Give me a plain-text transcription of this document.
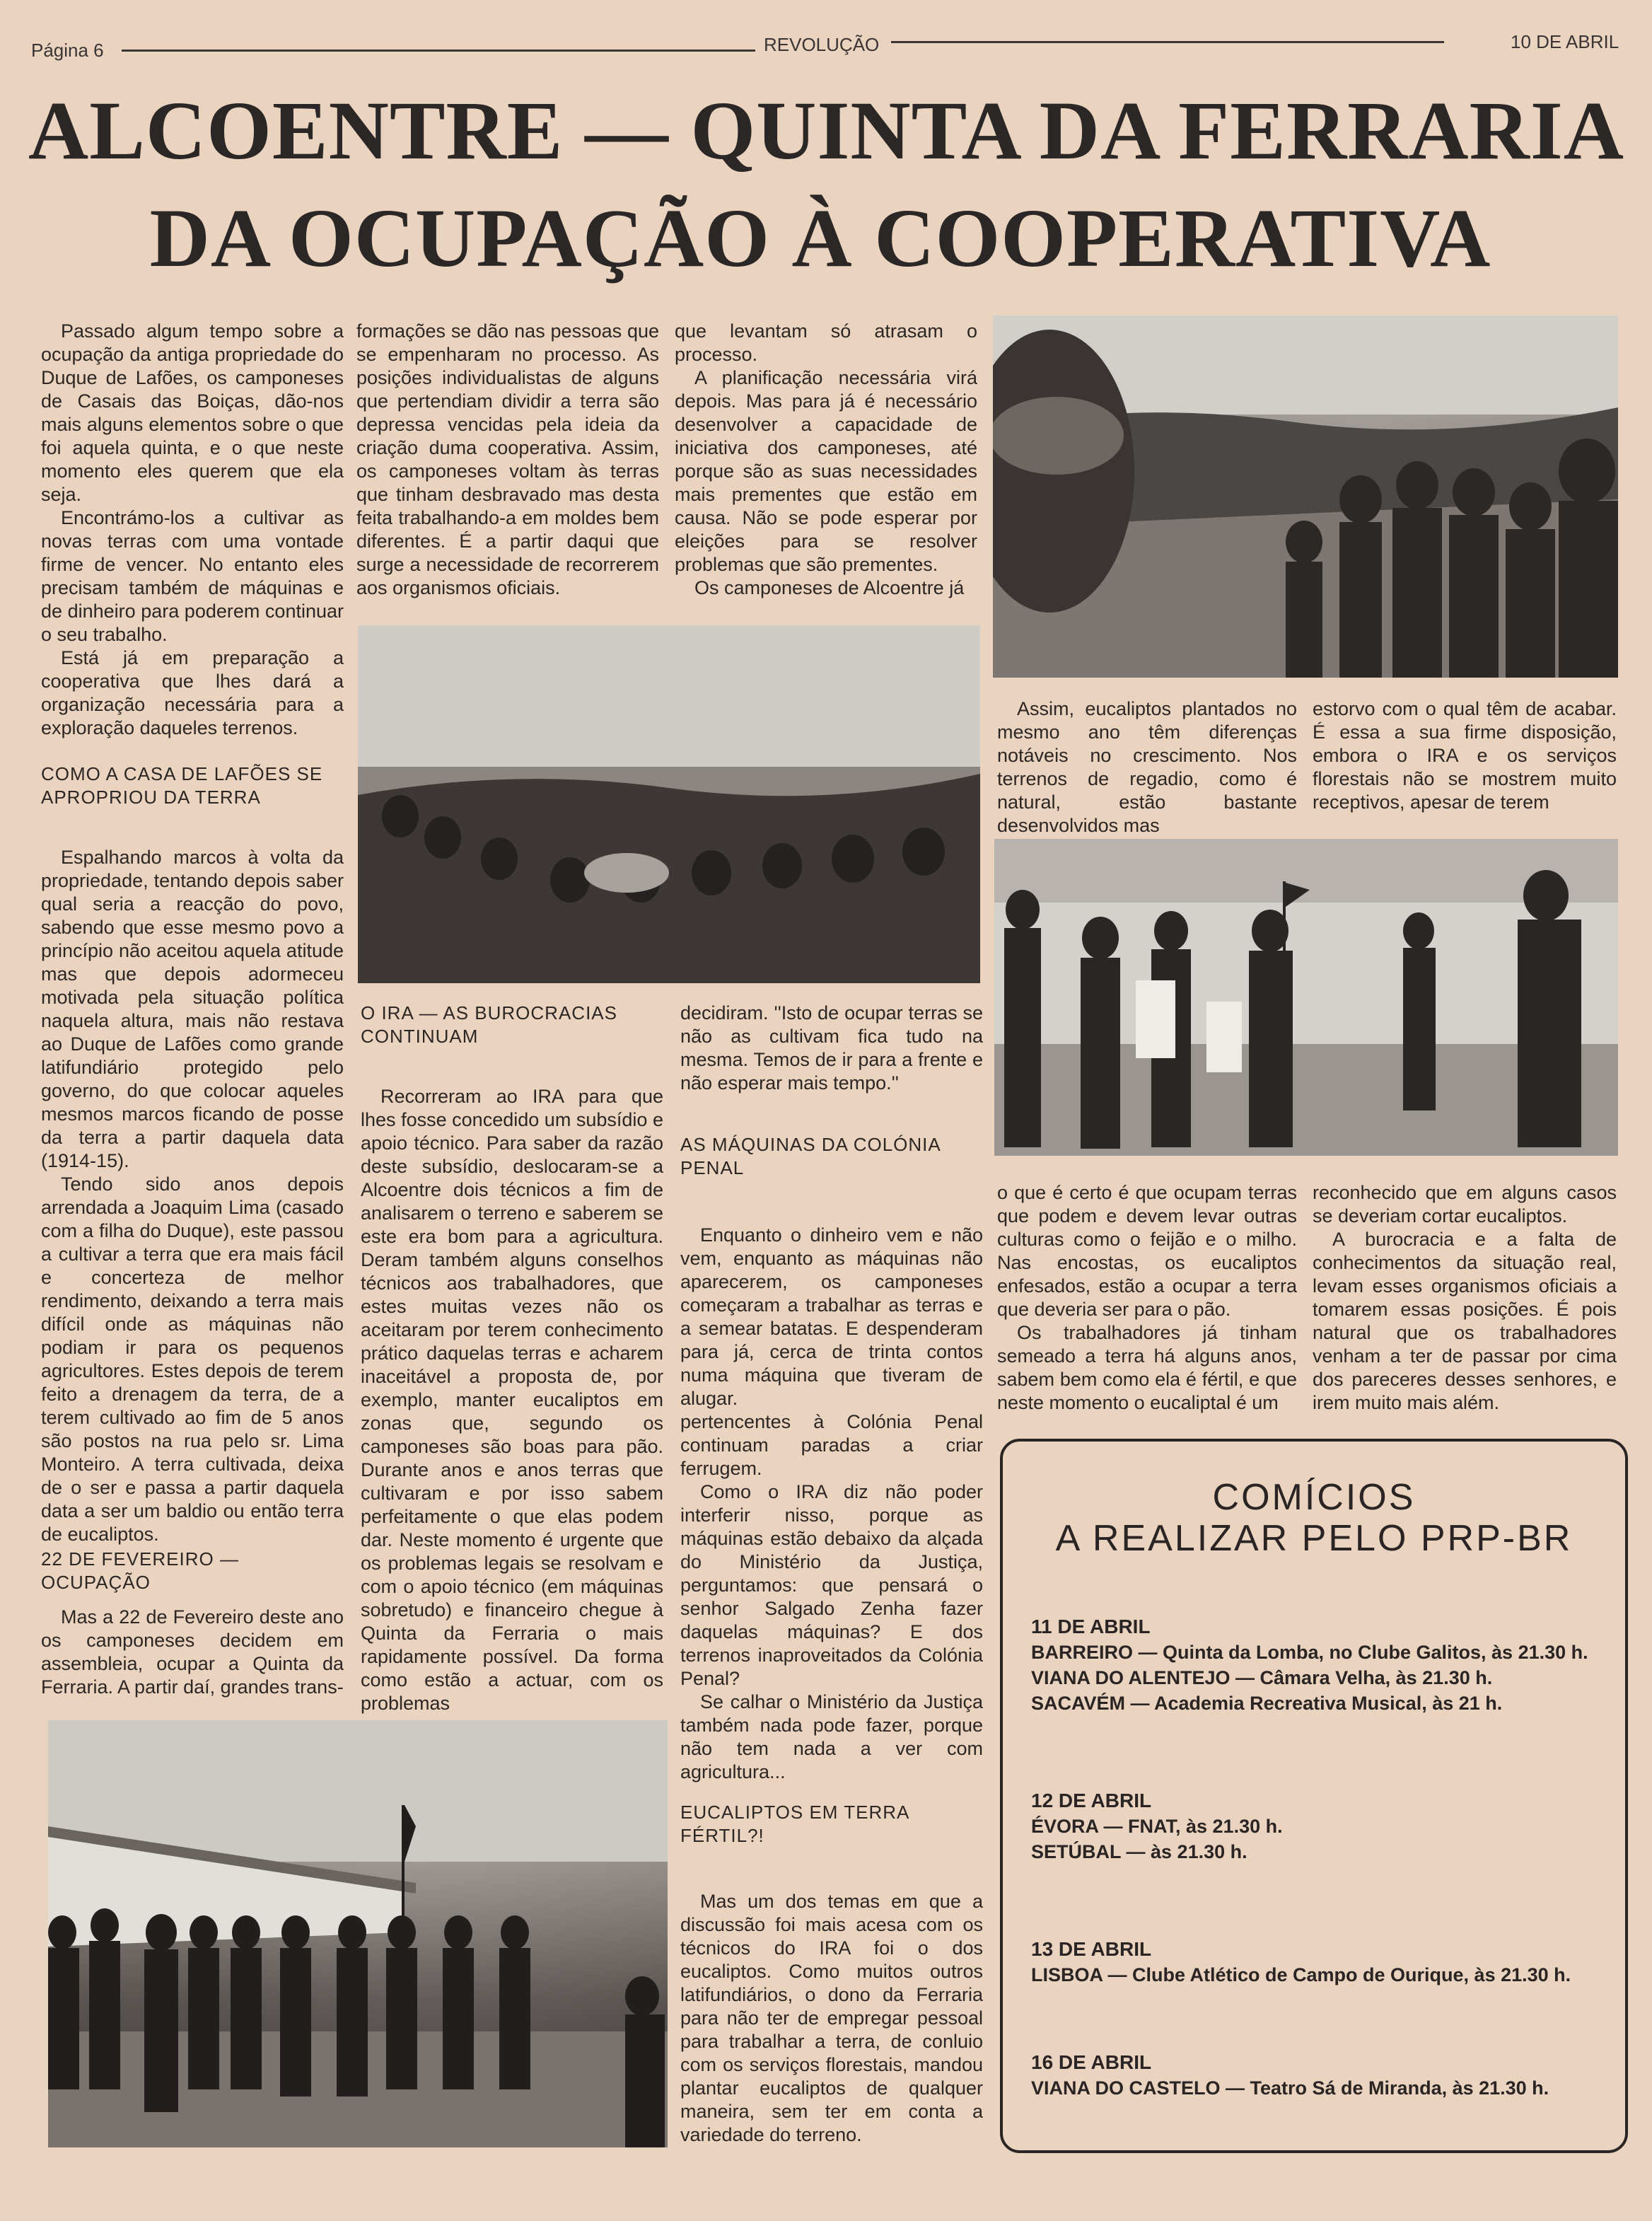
Página 6	REVOLUÇÃO	10 DE ABRIL
ALCOENTRE — QUINTA DA FERRARIA
DA OCUPAÇÃO À COOPERATIVA

Passado algum tempo sobre a ocupação da antiga propriedade do Duque de Lafões, os camponeses de Casais das Boiças, dão-nos mais alguns elementos sobre o que foi aquela quinta, e o que neste momento eles querem que ela seja.

Encontrámo-los a cultivar as novas terras com uma vontade firme de vencer. No entanto eles precisam também de máquinas e de dinheiro para poderem continuar o seu trabalho.

Está já em preparação a cooperativa que lhes dará a organização necessária para a exploração daqueles terrenos.

COMO A CASA DE LAFÕES SE APROPRIOU DA TERRA

Espalhando marcos à volta da propriedade, tentando depois saber qual seria a reacção do povo, sabendo que esse mesmo povo a princípio não aceitou aquela atitude mas que depois adormeceu motivada pela situação política naquela altura, mais não restava ao Duque de Lafões como grande latifundiário protegido pelo governo, do que colocar aqueles mesmos marcos ficando de posse da terra a partir daquela data (1914-15).

Tendo sido anos depois arrendada a Joaquim Lima (casado com a filha do Duque), este passou a cultivar a terra que era mais fácil e concerteza de melhor rendimento, deixando a terra mais difícil onde as máquinas não podiam ir para os pequenos agricultores. Estes depois de terem feito a drenagem da terra, de a terem cultivado ao fim de 5 anos são postos na rua pelo sr. Lima Monteiro. A terra cultivada, deixa de o ser e passa a partir daquela data a ser um baldio ou então terra de eucaliptos.

22 DE FEVEREIRO — OCUPAÇÃO

Mas a 22 de Fevereiro deste ano os camponeses decidem em assembleia, ocupar a Quinta da Ferraria. A partir daí, grandes trans-

formações se dão nas pessoas que se empenharam no processo. As posições individualistas de alguns que pertendiam dividir a terra são depressa vencidas pela ideia da criação duma cooperativa. Assim, os camponeses voltam às terras que tinham desbravado mas desta feita trabalhando-a em moldes bem diferentes. É a partir daqui que surge a necessidade de recorrerem aos organismos oficiais.

O IRA — AS BUROCRACIAS CONTINUAM

Recorreram ao IRA para que lhes fosse concedido um subsídio e apoio técnico. Para saber da razão deste subsídio, deslocaram-se a Alcoentre dois técnicos a fim de analisarem o terreno e saberem se este era bom para a agricultura. Deram também alguns conselhos técnicos aos trabalhadores, que estes muitas vezes não os aceitaram por terem conhecimento prático daquelas terras e acharem inaceitável a proposta de, por exemplo, manter eucaliptos em zonas que, segundo os camponeses são boas para pão. Durante anos e anos terras que cultivaram e por isso sabem perfeitamente o que elas podem dar. Neste momento é urgente que os problemas legais se resolvam e com o apoio técnico (em máquinas sobretudo) e financeiro chegue à Quinta da Ferraria o mais rapidamente possível. Da forma como estão a actuar, com os problemas

que levantam só atrasam o processo.

A planificação necessária virá depois. Mas para já é necessário desenvolver a capacidade de iniciativa dos camponeses, até porque são as suas necessidades mais prementes que estão em causa. Não se pode esperar por eleições para se resolver problemas que são prementes.

Os camponeses de Alcoentre já

decidiram. ''Isto de ocupar terras se não as cultivam fica tudo na mesma. Temos de ir para a frente e não esperar mais tempo.''

AS MÁQUINAS DA COLÓNIA PENAL

Enquanto o dinheiro vem e não vem, enquanto as máquinas não aparecerem, os camponeses começaram a trabalhar as terras e a semear batatas. E despenderam para já, cerca de trinta contos numa máquina que tiveram de alugar.

pertencentes à Colónia Penal continuam paradas a criar ferrugem.

Como o IRA diz não poder interferir nisso, porque as máquinas estão debaixo da alçada do Ministério da Justiça, perguntamos: que pensará o senhor Salgado Zenha fazer daquelas máquinas? E dos terrenos inaproveitados da Colónia Penal?

Se calhar o Ministério da Justiça também nada pode fazer, porque não tem nada a ver com agricultura...

EUCALIPTOS EM TERRA FÉRTIL?!

Mas um dos temas em que a discussão foi mais acesa com os técnicos do IRA foi o dos eucaliptos. Como muitos outros latifundiários, o dono da Ferraria para não ter de empregar pessoal para trabalhar a terra, de conluio com os serviços florestais, mandou plantar eucaliptos de qualquer maneira, sem ter em conta a variedade do terreno.

Assim, eucaliptos plantados no mesmo ano têm diferenças notáveis no crescimento. Nos terrenos de regadio, como é natural, estão bastante desenvolvidos mas

estorvo com o qual têm de acabar. É essa a sua firme disposição, embora o IRA e os serviços florestais não se mostrem muito receptivos, apesar de terem

o que é certo é que ocupam terras que podem e devem levar outras culturas como o feijão e o milho. Nas encostas, os eucaliptos enfesados, estão a ocupar a terra que deveria ser para o pão.

Os trabalhadores já tinham semeado a terra há alguns anos, sabem bem como ela é fértil, e que neste momento o eucaliptal é um

reconhecido que em alguns casos se deveriam cortar eucaliptos.

A burocracia e a falta de conhecimentos da situação real, levam esses organismos oficiais a tomarem essas posições. É pois natural que os trabalhadores venham a ter de passar por cima dos pareceres desses senhores, e irem muito mais além.

COMÍCIOS
A REALIZAR PELO PRP-BR
11 DE ABRIL
BARREIRO — Quinta da Lomba, no Clube Galitos, às 21.30 h.
VIANA DO ALENTEJO — Câmara Velha, às 21.30 h.
SACAVÉM — Academia Recreativa Musical, às 21 h.
12 DE ABRIL
ÉVORA — FNAT, às 21.30 h.
SETÚBAL — às 21.30 h.
13 DE ABRIL
LISBOA — Clube Atlético de Campo de Ourique, às 21.30 h.
16 DE ABRIL
VIANA DO CASTELO — Teatro Sá de Miranda, às 21.30 h.
